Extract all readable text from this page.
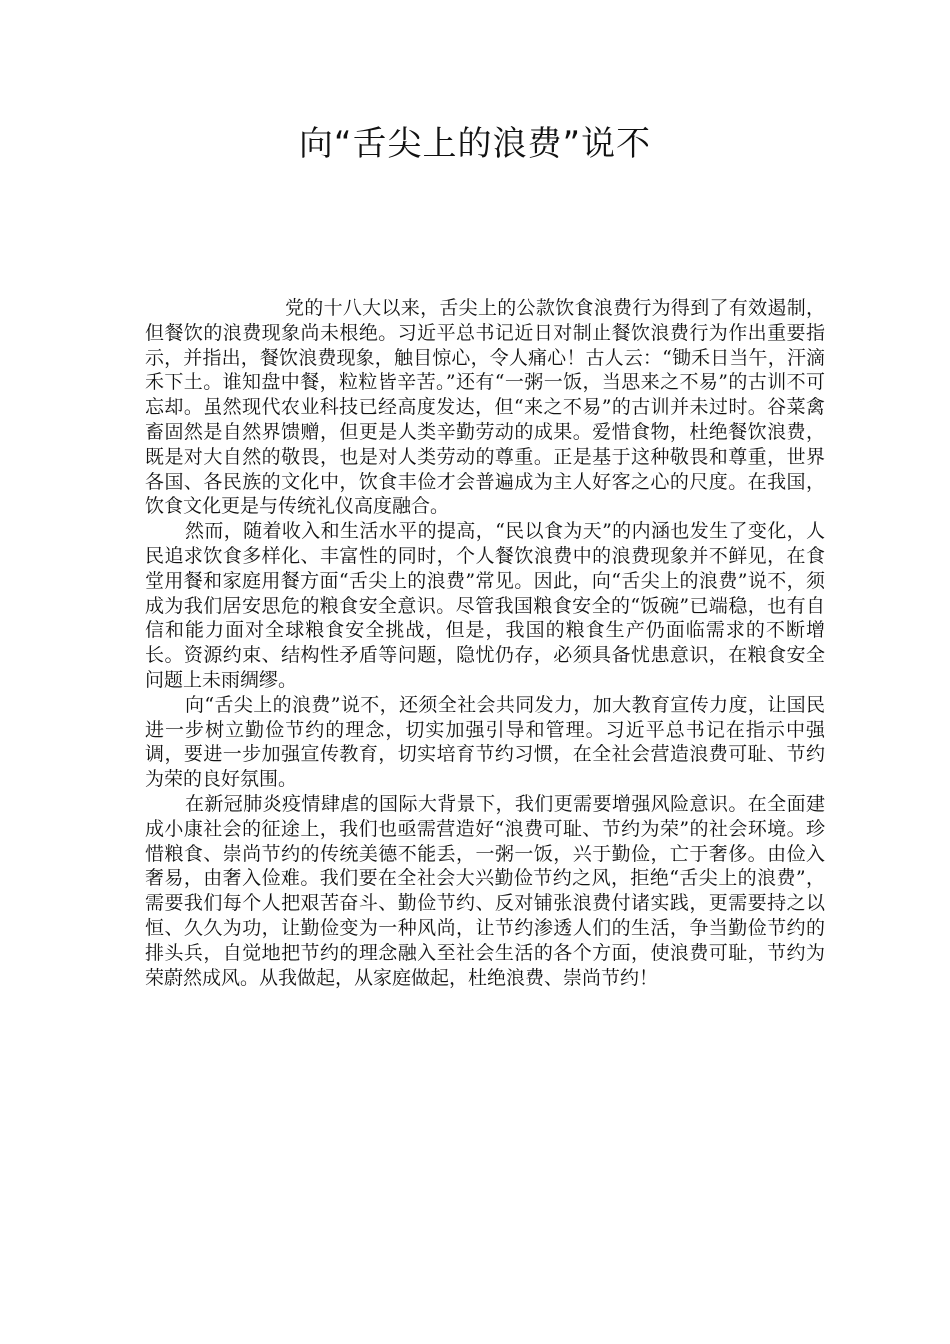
向“舌尖上的浪费”说不

党的十八大以来，舌尖上的公款饮食浪费行为得到了有效遏制，但餐饮的浪费现象尚未根绝。习近平总书记近日对制止餐饮浪费行为作出重要指示，并指出，餐饮浪费现象，触目惊心，令人痛心！古人云：“锄禾日当午，汗滴禾下土。谁知盘中餐，粒粒皆辛苦。”还有“一粥一饭，当思来之不易”的古训不可忘却。虽然现代农业科技已经高度发达，但“来之不易”的古训并未过时。谷菜禽畜固然是自然界馈赠，但更是人类辛勤劳动的成果。爱惜食物，杜绝餐饮浪费，既是对大自然的敬畏，也是对人类劳动的尊重。正是基于这种敬畏和尊重，世界各国、各民族的文化中，饮食丰俭才会普遍成为主人好客之心的尺度。在我国，饮食文化更是与传统礼仪高度融合。

然而，随着收入和生活水平的提高，“民以食为天”的内涵也发生了变化，人民追求饮食多样化、丰富性的同时，个人餐饮浪费中的浪费现象并不鲜见，在食堂用餐和家庭用餐方面“舌尖上的浪费”常见。因此，向“舌尖上的浪费”说不，须成为我们居安思危的粮食安全意识。尽管我国粮食安全的“饭碗”已端稳，也有自信和能力面对全球粮食安全挑战，但是，我国的粮食生产仍面临需求的不断增长。资源约束、结构性矛盾等问题，隐忧仍存，必须具备忧患意识，在粮食安全问题上未雨绸缪。

向“舌尖上的浪费”说不，还须全社会共同发力，加大教育宣传力度，让国民进一步树立勤俭节约的理念，切实加强引导和管理。习近平总书记在指示中强调，要进一步加强宣传教育，切实培育节约习惯，在全社会营造浪费可耻、节约为荣的良好氛围。

在新冠肺炎疫情肆虐的国际大背景下，我们更需要增强风险意识。在全面建成小康社会的征途上，我们也亟需营造好“浪费可耻、节约为荣”的社会环境。珍惜粮食、崇尚节约的传统美德不能丢，一粥一饭，兴于勤俭，亡于奢侈。由俭入奢易，由奢入俭难。我们要在全社会大兴勤俭节约之风，拒绝“舌尖上的浪费”，需要我们每个人把艰苦奋斗、勤俭节约、反对铺张浪费付诸实践，更需要持之以恒、久久为功，让勤俭变为一种风尚，让节约渗透人们的生活，争当勤俭节约的排头兵，自觉地把节约的理念融入至社会生活的各个方面，使浪费可耻，节约为荣蔚然成风。从我做起，从家庭做起，杜绝浪费、崇尚节约！
